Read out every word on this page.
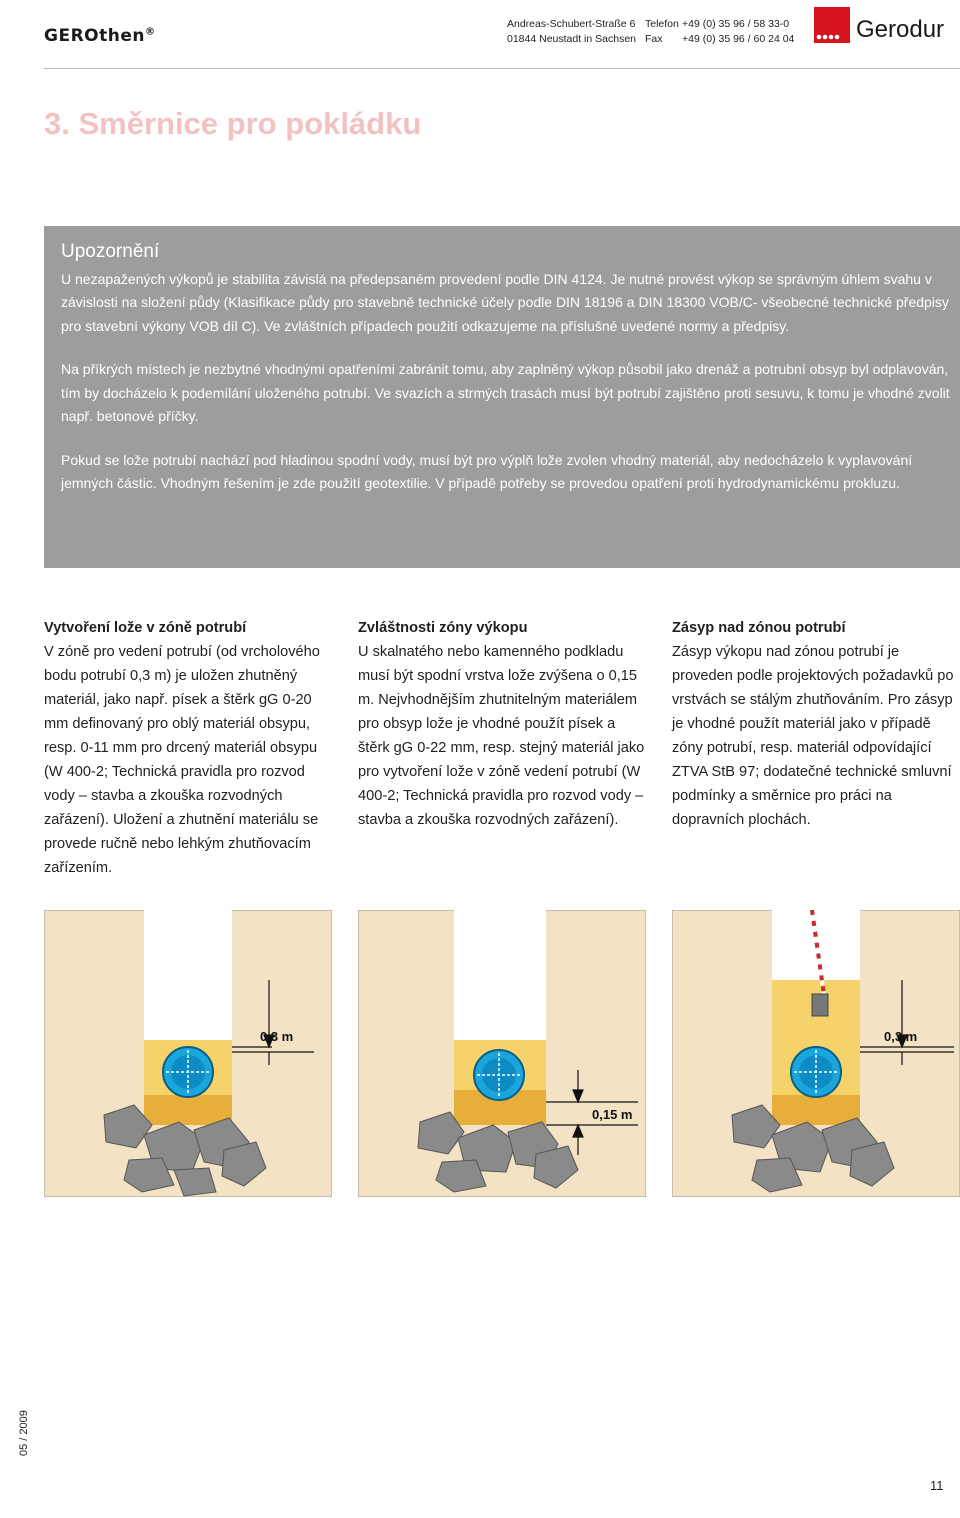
GEROthen®
Andreas-Schubert-Straße 6
01844 Neustadt in Sachsen
Telefon
Fax
+49 (0) 35 96 / 58 33-0
+49 (0) 35 96 / 60 24 04	Gerodur
3. Směrnice pro pokládku
Upozornění

U nezapažených výkopů je stabilita závislá na předepsaném provedení podle DIN 4124. Je nutné provést výkop se správným úhlem svahu v závislosti na složení půdy (Klasifikace půdy pro stavebně technické účely podle DIN 18196 a DIN 18300 VOB/C- všeobecné technické předpisy pro stavební výkony VOB díl C). Ve zvláštních případech použití odkazujeme na příslušné uvedené normy a předpisy.

Na příkrých místech je nezbytné vhodnými opatřeními zabránit tomu, aby zaplněný výkop působil jako drenáž a potrubní obsyp byl odplavován, tím by docházelo k podemílání uloženého potrubí. Ve svazích a strmých trasách musí být potrubí zajištěno proti sesuvu, k tomu je vhodné zvolit např. betonové příčky.

Pokud se lože potrubí nachází pod hladinou spodní vody, musí být pro výplň lože zvolen vhodný materiál, aby nedocházelo k vyplavování jemných částic. Vhodným řešením je zde použití geotextilie. V případě potřeby se provedou opatření proti hydrodynamickému prokluzu.

Vytvoření lože v zóně potrubí

V zóně pro vedení potrubí (od vrcholového bodu potrubí 0,3 m) je uložen zhutněný materiál, jako např. písek a štěrk gG 0-20 mm definovaný pro oblý materiál obsypu, resp. 0-11 mm pro drcený materiál obsypu (W 400-2; Technická pravidla pro rozvod vody – stavba a zkouška rozvodných zařázení). Uložení a zhutnění materiálu se provede ručně nebo lehkým zhutňovacím zařízením.

Zvláštnosti zóny výkopu

U skalnatého nebo kamenného podkladu musí být spodní vrstva lože zvýšena o 0,15 m. Nejvhodnějším zhutnitelným materiálem pro obsyp lože je vhodné použít písek a štěrk gG 0-22 mm, resp. stejný materiál jako pro vytvoření lože v zóně vedení potrubí (W 400-2; Technická pravidla pro rozvod vody – stavba a zkouška rozvodných zařázení).

Zásyp nad zónou potrubí

Zásyp výkopu nad zónou potrubí je proveden podle projektových požadavků po vrstvách se stálým zhutňováním. Pro zásyp je vhodné použít materiál jako v případě zóny potrubí, resp. materiál odpovídající ZTVA StB 97; dodatečné technické smluvní podmínky a směrnice pro práci na dopravních plochách.

0,3 m
0,15 m
0,3 m
05 / 2009
11
